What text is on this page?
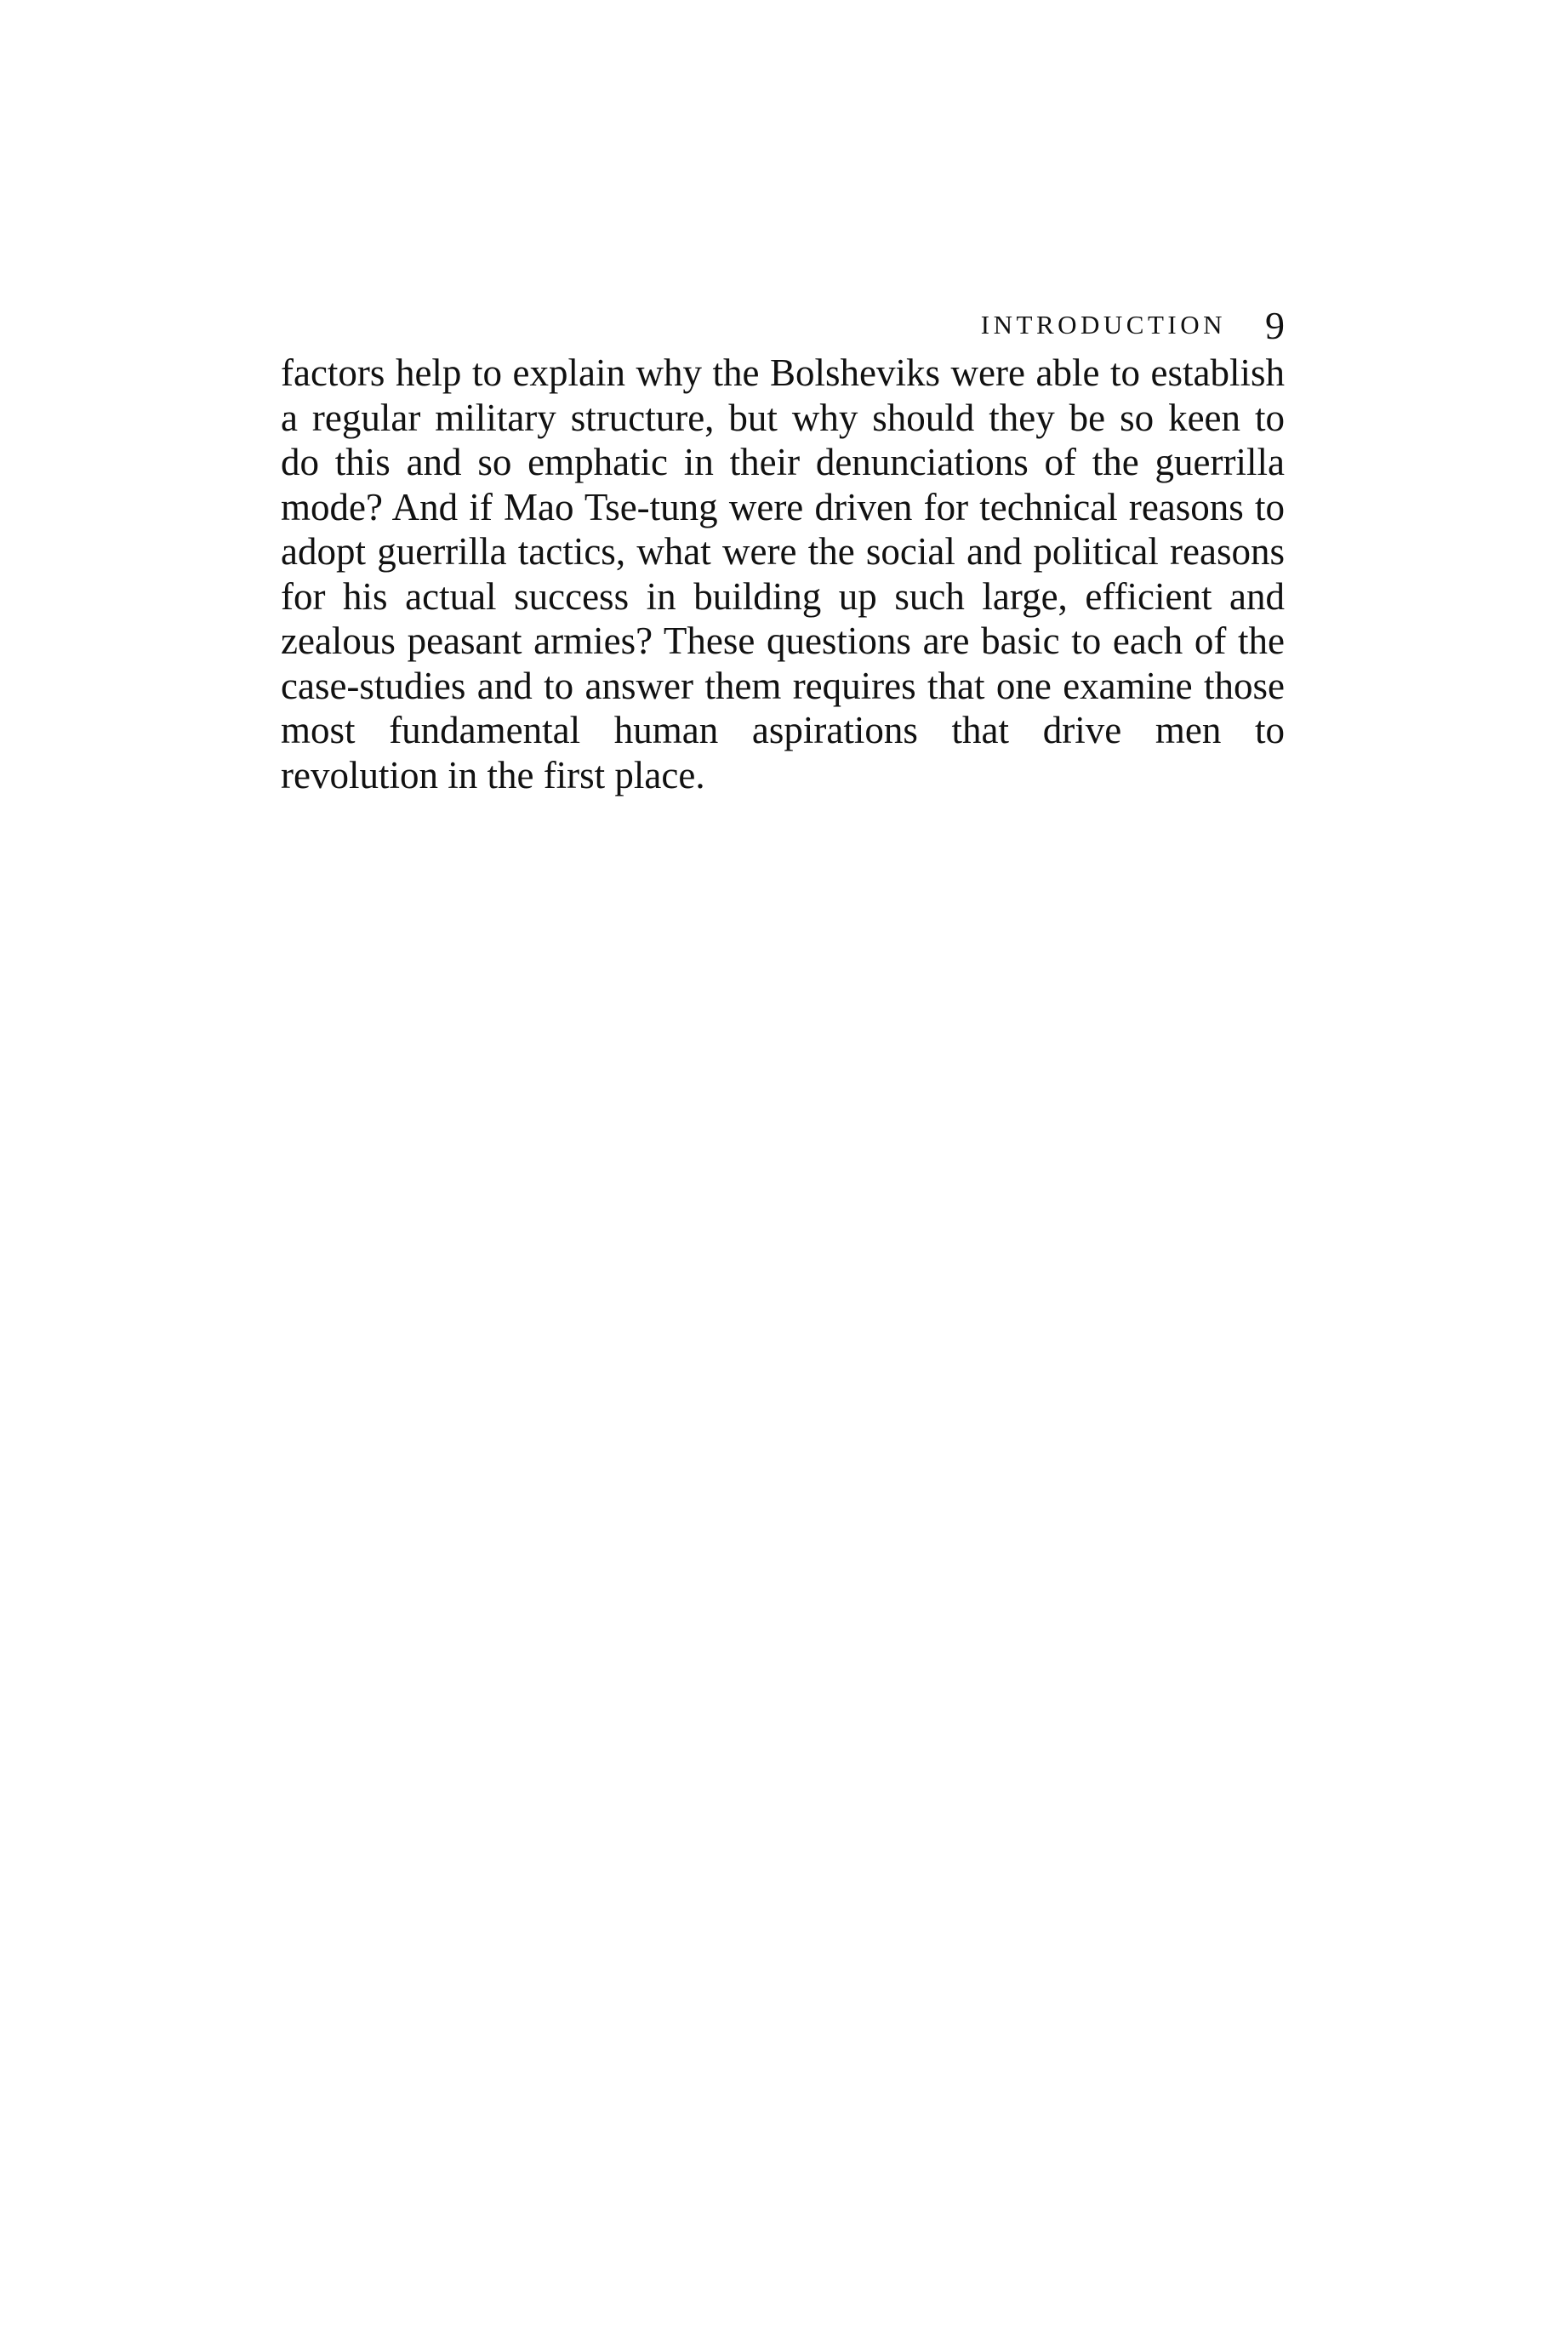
INTRODUCTION 9

factors help to explain why the Bolsheviks were able to establish
a regular military structure, but why should they be so keen to
do this and so emphatic in their denunciations of the guerrilla
mode? And if Mao Tse-tung were driven for technical reasons to
adopt guerrilla tactics, what were the social and political reasons
for his actual success in building up such large, efficient and
zealous peasant armies? These questions are basic to each of the
case-studies and to answer them requires that one examine those
most fundamental human aspirations that drive men to
revolution in the first place.
